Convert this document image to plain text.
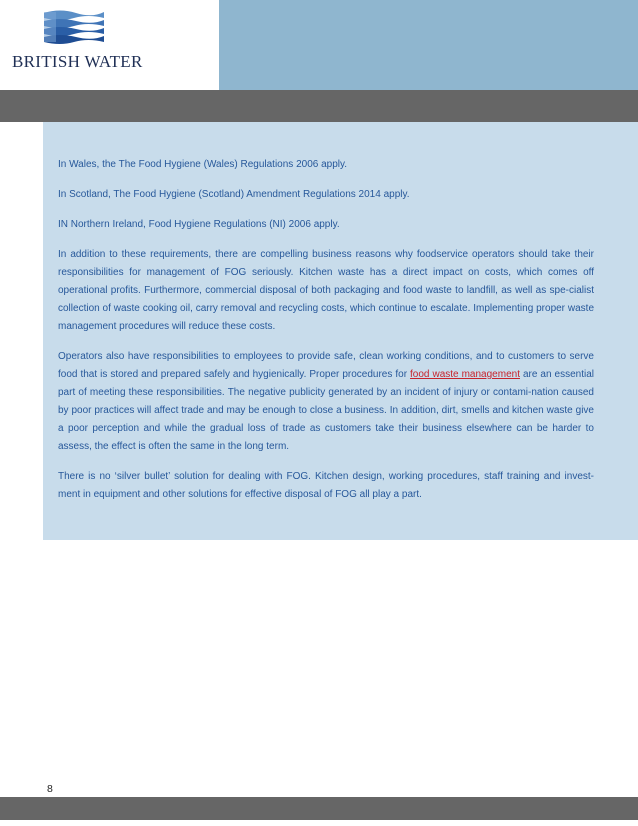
BRITISH WATER

In Wales, the The Food Hygiene (Wales) Regulations 2006 apply.

In Scotland, The Food Hygiene (Scotland) Amendment Regulations 2014 apply.

IN Northern Ireland, Food Hygiene Regulations (NI) 2006 apply.

In addition to these requirements, there are compelling business reasons why foodservice operators should take their responsibilities for management of FOG seriously. Kitchen waste has a direct impact on costs, which comes off operational profits. Furthermore, commercial disposal of both packaging and food waste to landfill, as well as spe-cialist collection of waste cooking oil, carry removal and recycling costs, which continue to escalate. Implementing proper waste management procedures will reduce these costs.

Operators also have responsibilities to employees to provide safe, clean working conditions, and to customers to serve food that is stored and prepared safely and hygienically. Proper procedures for food waste management are an essential part of meeting these responsibilities. The negative publicity generated by an incident of injury or contami-nation caused by poor practices will affect trade and may be enough to close a business. In addition, dirt, smells and kitchen waste give a poor perception and while the gradual loss of trade as customers take their business elsewhere can be harder to assess, the effect is often the same in the long term.

There is no ‘silver bullet’ solution for dealing with FOG. Kitchen design, working procedures, staff training and invest-ment in equipment and other solutions for effective disposal of FOG all play a part.

8
